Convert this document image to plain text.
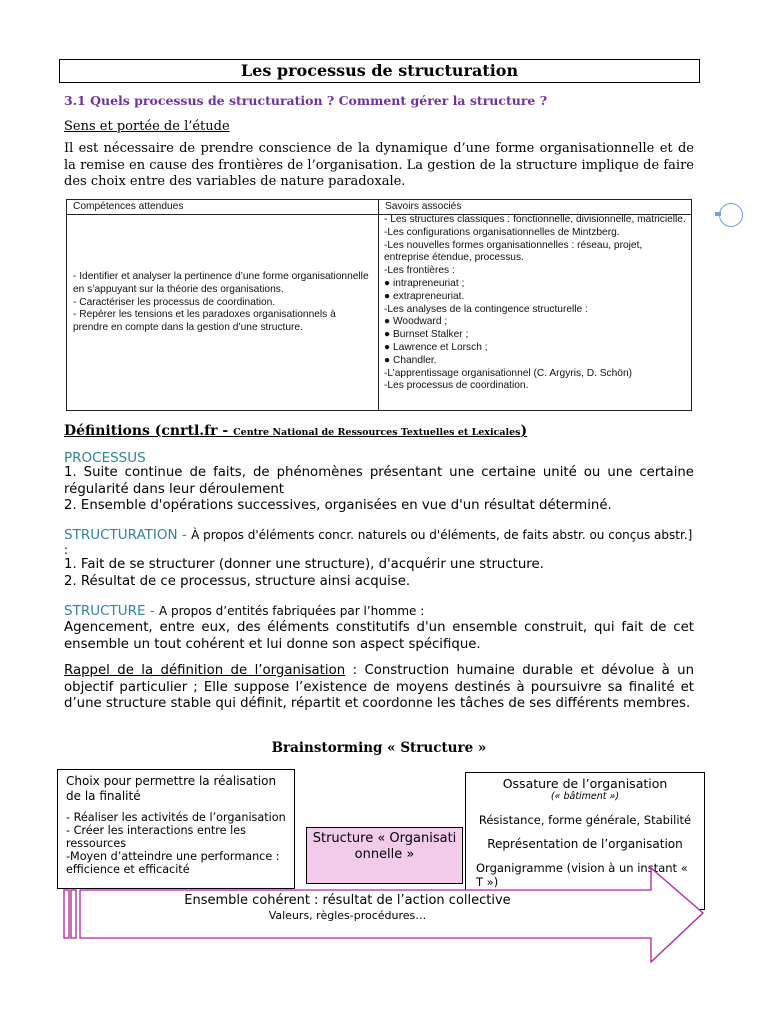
Les processus de structuration
3.1 Quels processus de structuration ? Comment gérer la structure ?
Sens et portée de l’étude
Il est nécessaire de prendre conscience de la dynamique d’une forme organisationnelle et de la remise en cause des frontières de l’organisation. La gestion de la structure implique de faire des choix entre des variables de nature paradoxale.
Compétences attendues	Savoirs associés
- Identifier et analyser la pertinence d’une forme organisationnelle en s’appuyant sur la théorie des organisations.
- Caractériser les processus de coordination.
- Repérer les tensions et les paradoxes organisationnels à prendre en compte dans la gestion d’une structure.
- Les structures classiques : fonctionnelle, divisionnelle, matricielle.
-Les configurations organisationnelles de Mintzberg.
-Les nouvelles formes organisationnelles : réseau, projet, entreprise étendue, processus.
-Les frontières :
● intrapreneuriat ;
● extrapreneuriat.
-Les analyses de la contingence structurelle :
● Woodward ;
● Burnset Stalker ;
● Lawrence et Lorsch ;
● Chandler.
-L’apprentissage organisationnel (C. Argyris, D. Schön)
-Les processus de coordination.
Définitions (cnrtl.fr - Centre National de Ressources Textuelles et Lexicales)
PROCESSUS
1. Suite continue de faits, de phénomènes présentant une certaine unité ou une certaine régularité dans leur déroulement
2. Ensemble d'opérations successives, organisées en vue d'un résultat déterminé.
STRUCTURATION - À propos d'éléments concr. naturels ou d'éléments, de faits abstr. ou conçus abstr.] :
1. Fait de se structurer (donner une structure), d'acquérir une structure.
2. Résultat de ce processus, structure ainsi acquise.
STRUCTURE - A propos d’entités fabriquées par l’homme :
Agencement, entre eux, des éléments constitutifs d'un ensemble construit, qui fait de cet ensemble un tout cohérent et lui donne son aspect spécifique.
Rappel de la définition de l’organisation : Construction humaine durable et dévolue à un objectif particulier ; Elle suppose l’existence de moyens destinés à poursuivre sa finalité et d’une structure stable qui définit, répartit et coordonne les tâches de ses différents membres.
Brainstorming « Structure »
Choix pour permettre la réalisation de la finalité
- Réaliser les activités de l’organisation
- Créer les interactions entre les ressources
-Moyen d’atteindre une performance : efficience et efficacité
Structure « Organisationnelle »
Ossature de l’organisation
(« bâtiment »)
Résistance, forme générale, Stabilité
Représentation de l’organisation
Organigramme (vision à un instant « T »)
Ensemble cohérent : résultat de l’action collective
Valeurs, règles-procédures…
